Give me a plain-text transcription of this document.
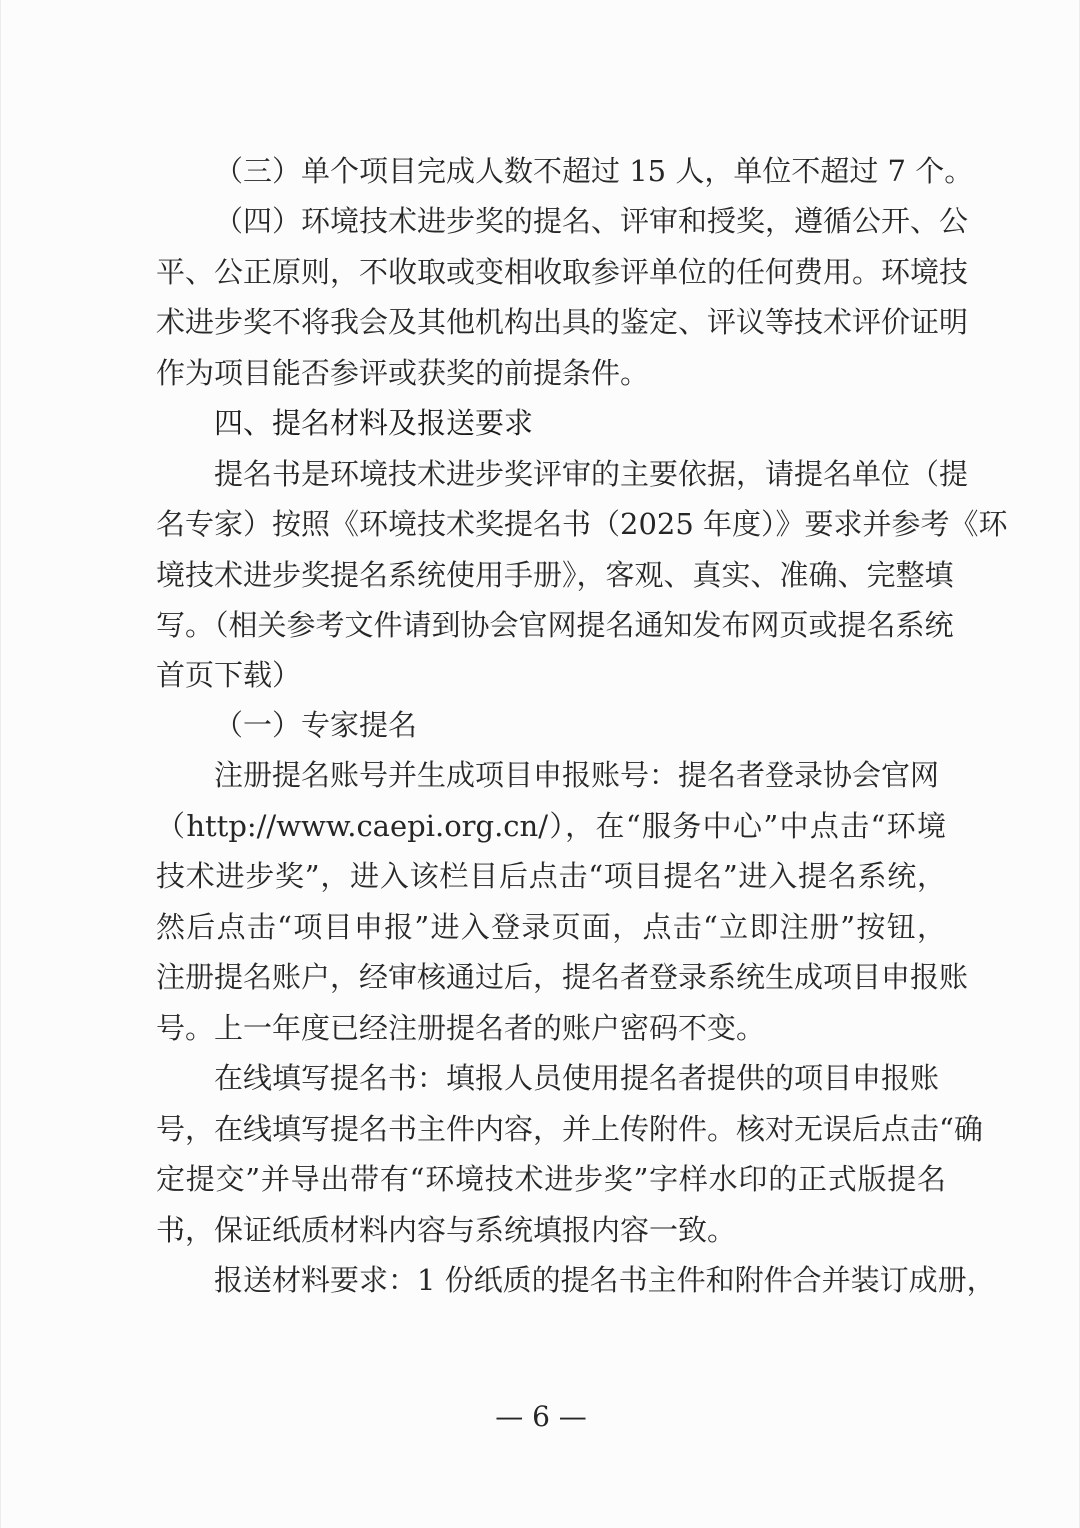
（三）单个项目完成人数不超过 15 人，单位不超过 7 个。
（四）环境技术进步奖的提名、评审和授奖，遵循公开、公
平、公正原则，不收取或变相收取参评单位的任何费用。环境技
术进步奖不将我会及其他机构出具的鉴定、评议等技术评价证明
作为项目能否参评或获奖的前提条件。
四、提名材料及报送要求
提名书是环境技术进步奖评审的主要依据，请提名单位（提
名专家）按照《环境技术奖提名书（2025 年度）》要求并参考《环
境技术进步奖提名系统使用手册》，客观、真实、准确、完整填
写。（相关参考文件请到协会官网提名通知发布网页或提名系统
首页下载）
（一）专家提名
注册提名账号并生成项目申报账号：提名者登录协会官网
（http://www.caepi.org.cn/），在“服务中心”中点击“环境
技术进步奖”，进入该栏目后点击“项目提名”进入提名系统，
然后点击“项目申报”进入登录页面，点击“立即注册”按钮，
注册提名账户，经审核通过后，提名者登录系统生成项目申报账
号。上一年度已经注册提名者的账户密码不变。
在线填写提名书：填报人员使用提名者提供的项目申报账
号，在线填写提名书主件内容，并上传附件。核对无误后点击“确
定提交”并导出带有“环境技术进步奖”字样水印的正式版提名
书，保证纸质材料内容与系统填报内容一致。
报送材料要求：1 份纸质的提名书主件和附件合并装订成册，
— 6 —
